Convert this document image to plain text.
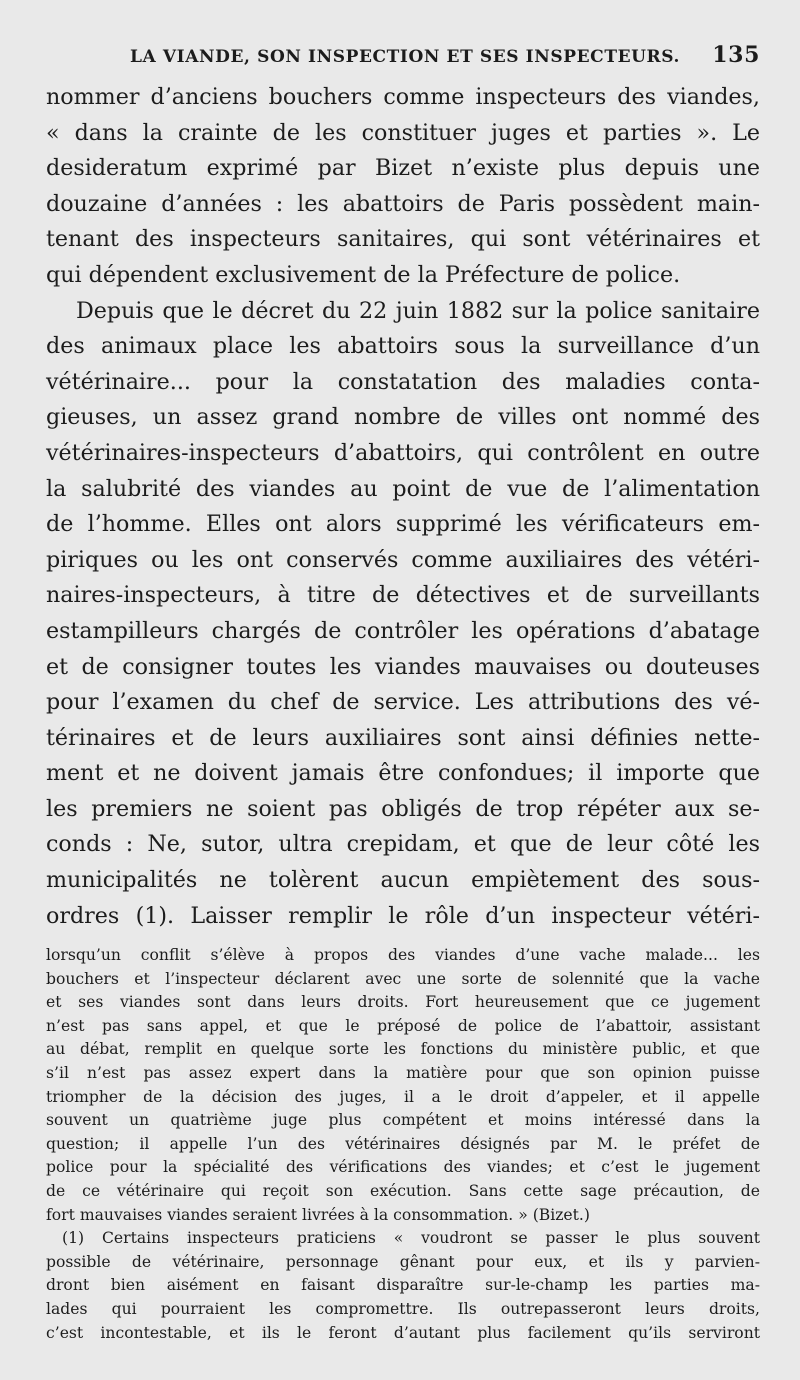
LA VIANDE, SON INSPECTION ET SES INSPECTEURS. 135
nommer d’anciens bouchers comme inspecteurs des viandes,
« dans la crainte de les constituer juges et parties ». Le
desideratum exprimé par Bizet n’existe plus depuis une
douzaine d’années : les abattoirs de Paris possèdent main-
tenant des inspecteurs sanitaires, qui sont vétérinaires et
qui dépendent exclusivement de la Préfecture de police.
Depuis que le décret du 22 juin 1882 sur la police sanitaire
des animaux place les abattoirs sous la surveillance d’un
vétérinaire... pour la constatation des maladies conta-
gieuses, un assez grand nombre de villes ont nommé des
vétérinaires-inspecteurs d’abattoirs, qui contrôlent en outre
la salubrité des viandes au point de vue de l’alimentation
de l’homme. Elles ont alors supprimé les vérificateurs em-
piriques ou les ont conservés comme auxiliaires des vétéri-
naires-inspecteurs, à titre de détectives et de surveillants
estampilleurs chargés de contrôler les opérations d’abatage
et de consigner toutes les viandes mauvaises ou douteuses
pour l’examen du chef de service. Les attributions des vé-
térinaires et de leurs auxiliaires sont ainsi définies nette-
ment et ne doivent jamais être confondues; il importe que
les premiers ne soient pas obligés de trop répéter aux se-
conds : Ne, sutor, ultra crepidam, et que de leur côté les
municipalités ne tolèrent aucun empiètement des sous-
ordres (1). Laisser remplir le rôle d’un inspecteur vétéri-
lorsqu’un conflit s’élève à propos des viandes d’une vache malade... les
bouchers et l’inspecteur déclarent avec une sorte de solennité que la vache
et ses viandes sont dans leurs droits. Fort heureusement que ce jugement
n’est pas sans appel, et que le préposé de police de l’abattoir, assistant
au débat, remplit en quelque sorte les fonctions du ministère public, et que
s’il n’est pas assez expert dans la matière pour que son opinion puisse
triompher de la décision des juges, il a le droit d’appeler, et il appelle
souvent un quatrième juge plus compétent et moins intéressé dans la
question; il appelle l’un des vétérinaires désignés par M. le préfet de
police pour la spécialité des vérifications des viandes; et c’est le jugement
de ce vétérinaire qui reçoit son exécution. Sans cette sage précaution, de
fort mauvaises viandes seraient livrées à la consommation. » (Bizet.)
(1) Certains inspecteurs praticiens « voudront se passer le plus souvent
possible de vétérinaire, personnage gênant pour eux, et ils y parvien-
dront bien aisément en faisant disparaître sur-le-champ les parties ma-
lades qui pourraient les compromettre. Ils outrepasseront leurs droits,
c’est incontestable, et ils le feront d’autant plus facilement qu’ils serviront
